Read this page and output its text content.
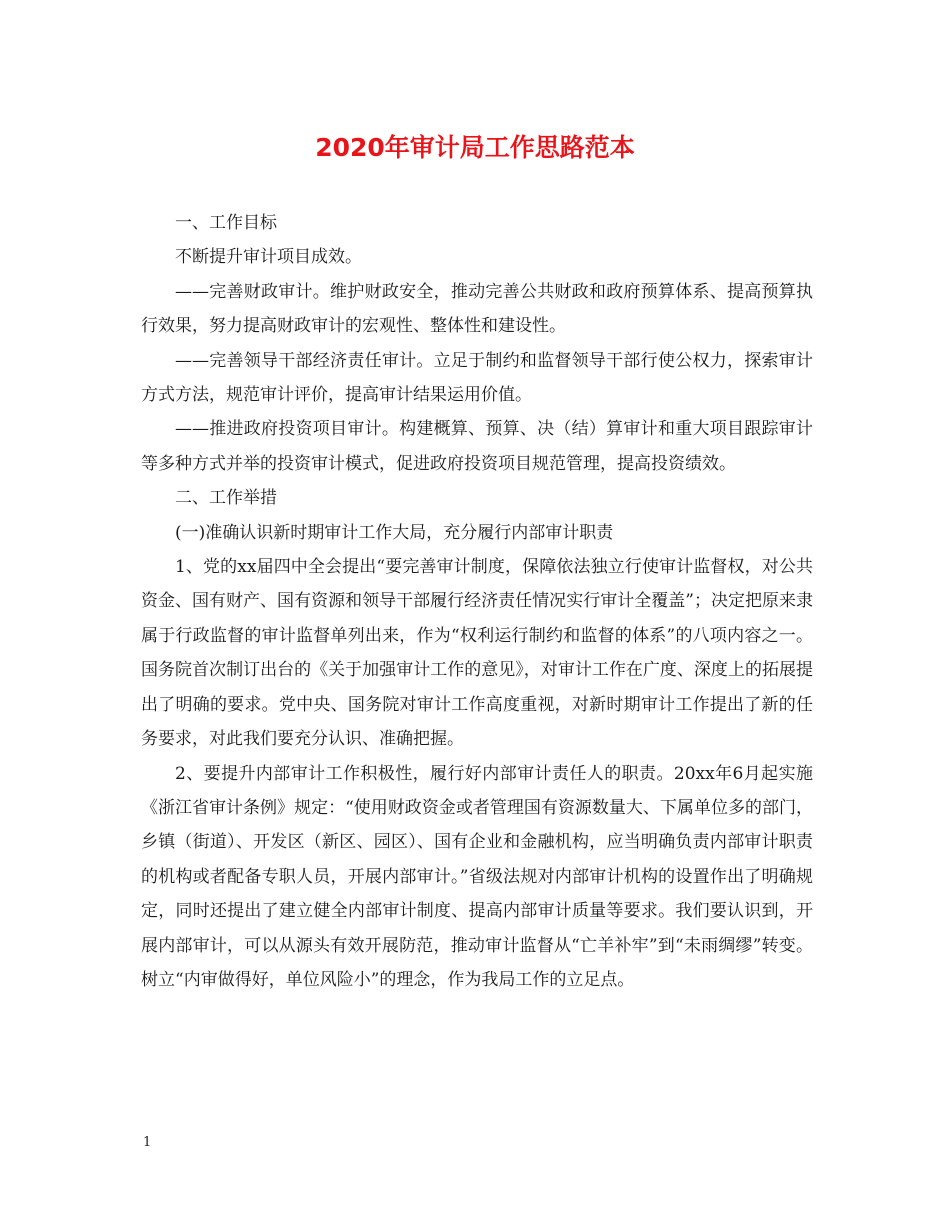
2020年审计局工作思路范本

一、工作目标

不断提升审计项目成效。

——完善财政审计。维护财政安全，推动完善公共财政和政府预算体系、提高预算执行效果，努力提高财政审计的宏观性、整体性和建设性。

——完善领导干部经济责任审计。立足于制约和监督领导干部行使公权力，探索审计方式方法，规范审计评价，提高审计结果运用价值。

——推进政府投资项目审计。构建概算、预算、决（结）算审计和重大项目跟踪审计等多种方式并举的投资审计模式，促进政府投资项目规范管理，提高投资绩效。

二、工作举措

(一)准确认识新时期审计工作大局，充分履行内部审计职责

1、党的xx届四中全会提出“要完善审计制度，保障依法独立行使审计监督权，对公共资金、国有财产、国有资源和领导干部履行经济责任情况实行审计全覆盖”；决定把原来隶属于行政监督的审计监督单列出来，作为“权利运行制约和监督的体系”的八项内容之一。国务院首次制订出台的《关于加强审计工作的意见》，对审计工作在广度、深度上的拓展提出了明确的要求。党中央、国务院对审计工作高度重视，对新时期审计工作提出了新的任务要求，对此我们要充分认识、准确把握。

2、要提升内部审计工作积极性，履行好内部审计责任人的职责。20xx年6月起实施《浙江省审计条例》规定：“使用财政资金或者管理国有资源数量大、下属单位多的部门，乡镇（街道）、开发区（新区、园区）、国有企业和金融机构，应当明确负责内部审计职责的机构或者配备专职人员，开展内部审计。”省级法规对内部审计机构的设置作出了明确规定，同时还提出了建立健全内部审计制度、提高内部审计质量等要求。我们要认识到，开展内部审计，可以从源头有效开展防范，推动审计监督从“亡羊补牢”到“未雨绸缪”转变。树立“内审做得好，单位风险小”的理念，作为我局工作的立足点。

1
